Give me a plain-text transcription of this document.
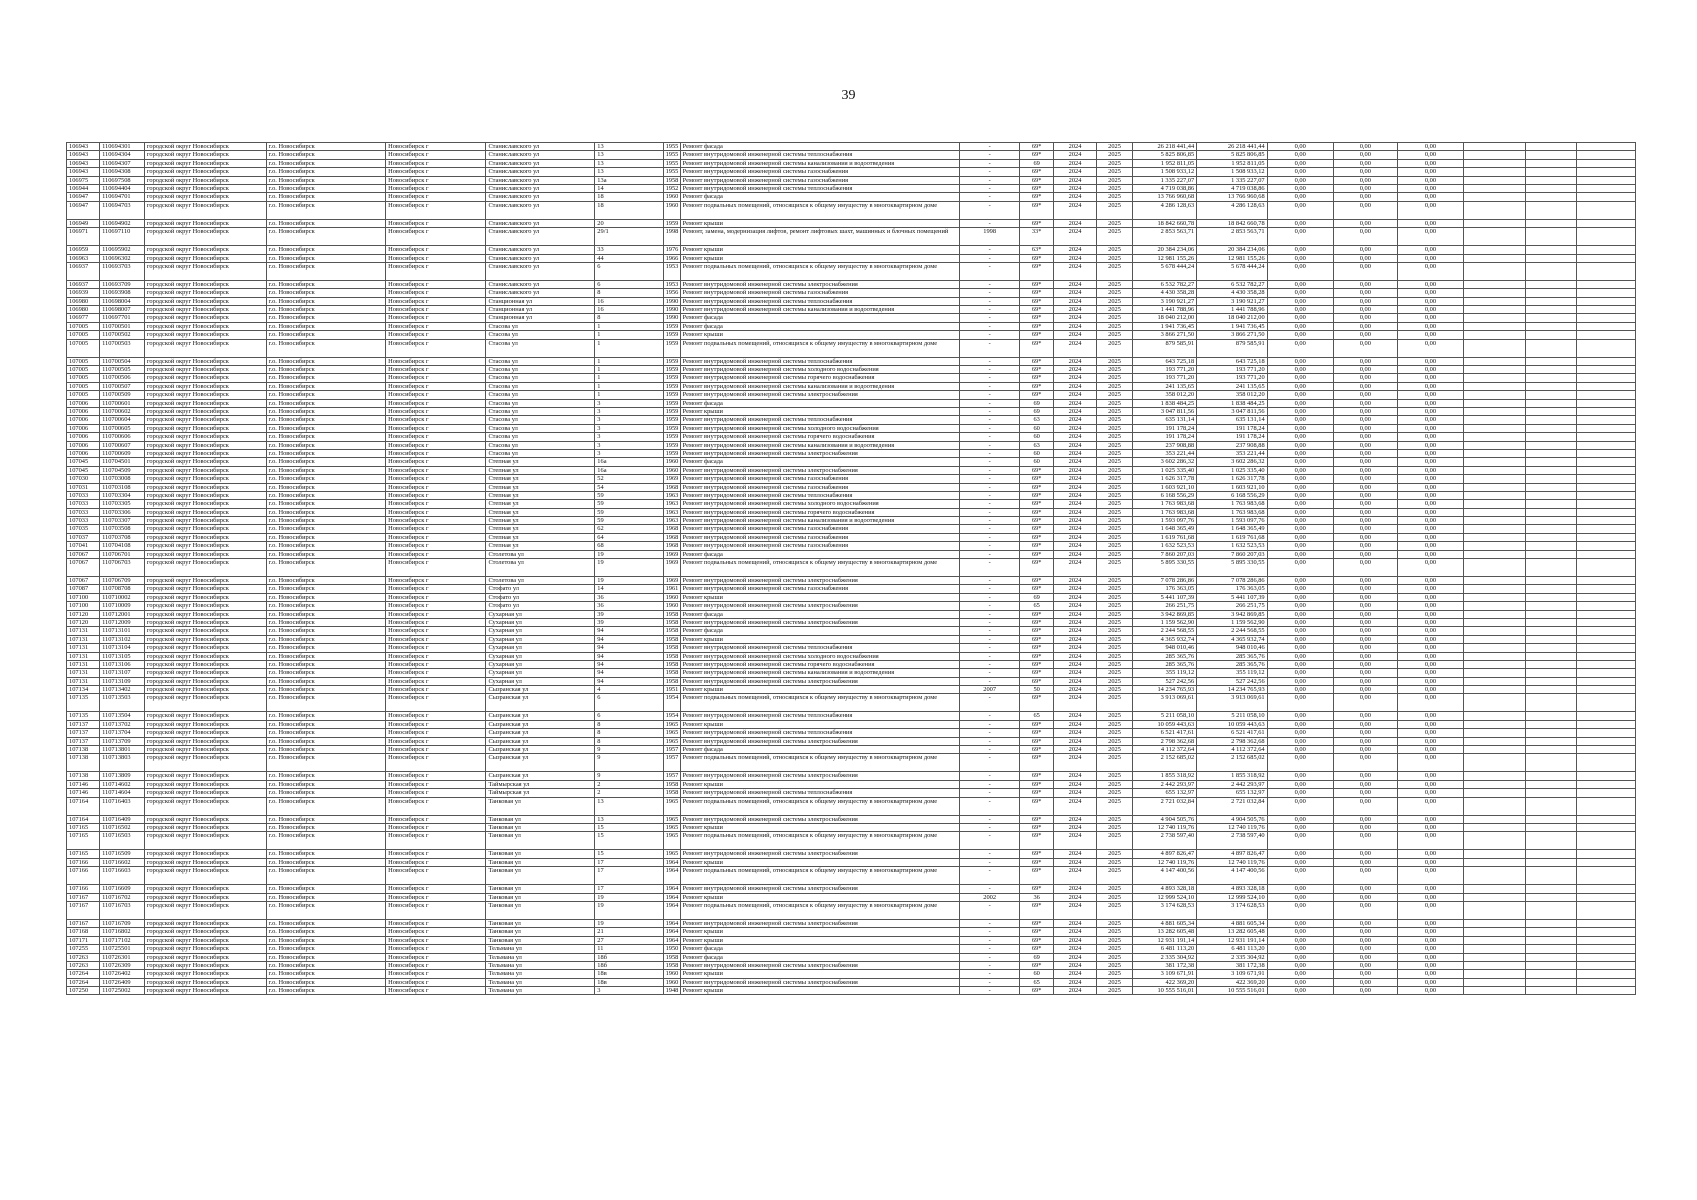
39
106943	110694301	городской округ Новосибирск	г.о. Новосибирск	Новосибирск г	Станиславского ул	13	1955	Ремонт фасада	-	69*	2024	2025	26 218 441,44	26 218 441,44	0,00	0,00	0,00			
106943	110694304	городской округ Новосибирск	г.о. Новосибирск	Новосибирск г	Станиславского ул	13	1955	Ремонт внутридомовой инженерной системы теплоснабжения	-	69*	2024	2025	5 825 806,85	5 825 806,85	0,00	0,00	0,00			
106943	110694307	городской округ Новосибирск	г.о. Новосибирск	Новосибирск г	Станиславского ул	13	1955	Ремонт внутридомовой инженерной системы канализования и водоотведения	-	69	2024	2025	1 952 811,05	1 952 811,05	0,00	0,00	0,00			
106943	110694308	городской округ Новосибирск	г.о. Новосибирск	Новосибирск г	Станиславского ул	13	1955	Ремонт внутридомовой инженерной системы газоснабжения	-	69*	2024	2025	1 508 933,12	1 508 933,12	0,00	0,00	0,00			
106975	110697508	городской округ Новосибирск	г.о. Новосибирск	Новосибирск г	Станиславского ул	13а	1958	Ремонт внутридомовой инженерной системы газоснабжения	-	69*	2024	2025	1 335 227,07	1 335 227,07	0,00	0,00	0,00			
106944	110694404	городской округ Новосибирск	г.о. Новосибирск	Новосибирск г	Станиславского ул	14	1952	Ремонт внутридомовой инженерной системы теплоснабжения	-	69*	2024	2025	4 719 038,86	4 719 038,86	0,00	0,00	0,00			
106947	110694701	городской округ Новосибирск	г.о. Новосибирск	Новосибирск г	Станиславского ул	18	1960	Ремонт фасада	-	69*	2024	2025	13 766 960,68	13 766 960,68	0,00	0,00	0,00			
106947	110694703	городской округ Новосибирск	г.о. Новосибирск	Новосибирск г	Станиславского ул	18	1960	Ремонт подвальных помещений, относящихся к общему имуществу в многоквартирном доме	-	69*	2024	2025	4 286 128,63	4 286 128,63	0,00	0,00	0,00			
106949	110694902	городской округ Новосибирск	г.о. Новосибирск	Новосибирск г	Станиславского ул	20	1959	Ремонт крыши	-	69*	2024	2025	18 842 660,78	18 842 660,78	0,00	0,00	0,00			
106971	110697110	городской округ Новосибирск	г.о. Новосибирск	Новосибирск г	Станиславского ул	29/1	1998	Ремонт, замена, модернизация лифтов, ремонт лифтовых шахт, машинных и блочных помещений	1998	33*	2024	2025	2 853 563,71	2 853 563,71	0,00	0,00	0,00			
106959	110695902	городской округ Новосибирск	г.о. Новосибирск	Новосибирск г	Станиславского ул	33	1976	Ремонт крыши	-	63*	2024	2025	20 384 234,06	20 384 234,06	0,00	0,00	0,00			
106963	110696302	городской округ Новосибирск	г.о. Новосибирск	Новосибирск г	Станиславского ул	44	1966	Ремонт крыши	-	69*	2024	2025	12 981 155,26	12 981 155,26	0,00	0,00	0,00			
106937	110693703	городской округ Новосибирск	г.о. Новосибирск	Новосибирск г	Станиславского ул	6	1953	Ремонт подвальных помещений, относящихся к общему имуществу в многоквартирном доме	-	69*	2024	2025	5 678 444,24	5 678 444,24	0,00	0,00	0,00			
106937	110693709	городской округ Новосибирск	г.о. Новосибирск	Новосибирск г	Станиславского ул	6	1953	Ремонт внутридомовой инженерной системы электроснабжения	-	69*	2024	2025	6 532 782,27	6 532 782,27	0,00	0,00	0,00			
106939	110693908	городской округ Новосибирск	г.о. Новосибирск	Новосибирск г	Станиславского ул	8	1956	Ремонт внутридомовой инженерной системы газоснабжения	-	69*	2024	2025	4 430 358,28	4 430 358,28	0,00	0,00	0,00			
106980	110698004	городской округ Новосибирск	г.о. Новосибирск	Новосибирск г	Станционная ул	16	1990	Ремонт внутридомовой инженерной системы теплоснабжения	-	69*	2024	2025	3 190 921,27	3 190 921,27	0,00	0,00	0,00			
106980	110698007	городской округ Новосибирск	г.о. Новосибирск	Новосибирск г	Станционная ул	16	1990	Ремонт внутридомовой инженерной системы канализования и водоотведения	-	69*	2024	2025	1 441 788,96	1 441 788,96	0,00	0,00	0,00			
106977	110697701	городской округ Новосибирск	г.о. Новосибирск	Новосибирск г	Станционная ул	8	1990	Ремонт фасада	-	69*	2024	2025	18 040 212,00	18 040 212,00	0,00	0,00	0,00			
107005	110700501	городской округ Новосибирск	г.о. Новосибирск	Новосибирск г	Стасова ул	1	1959	Ремонт фасада	-	69*	2024	2025	1 941 736,45	1 941 736,45	0,00	0,00	0,00			
107005	110700502	городской округ Новосибирск	г.о. Новосибирск	Новосибирск г	Стасова ул	1	1959	Ремонт крыши	-	69*	2024	2025	3 866 271,50	3 866 271,50	0,00	0,00	0,00			
107005	110700503	городской округ Новосибирск	г.о. Новосибирск	Новосибирск г	Стасова ул	1	1959	Ремонт подвальных помещений, относящихся к общему имуществу в многоквартирном доме	-	69*	2024	2025	879 585,91	879 585,91	0,00	0,00	0,00			
107005	110700504	городской округ Новосибирск	г.о. Новосибирск	Новосибирск г	Стасова ул	1	1959	Ремонт внутридомовой инженерной системы теплоснабжения	-	69*	2024	2025	643 725,18	643 725,18	0,00	0,00	0,00			
107005	110700505	городской округ Новосибирск	г.о. Новосибирск	Новосибирск г	Стасова ул	1	1959	Ремонт внутридомовой инженерной системы холодного водоснабжения	-	69*	2024	2025	193 771,20	193 771,20	0,00	0,00	0,00			
107005	110700506	городской округ Новосибирск	г.о. Новосибирск	Новосибирск г	Стасова ул	1	1959	Ремонт внутридомовой инженерной системы горячего водоснабжения	-	69*	2024	2025	193 771,20	193 771,20	0,00	0,00	0,00			
107005	110700507	городской округ Новосибирск	г.о. Новосибирск	Новосибирск г	Стасова ул	1	1959	Ремонт внутридомовой инженерной системы канализования и водоотведения	-	69*	2024	2025	241 135,65	241 135,65	0,00	0,00	0,00			
107005	110700509	городской округ Новосибирск	г.о. Новосибирск	Новосибирск г	Стасова ул	1	1959	Ремонт внутридомовой инженерной системы электроснабжения	-	69*	2024	2025	358 012,20	358 012,20	0,00	0,00	0,00			
107006	110700601	городской округ Новосибирск	г.о. Новосибирск	Новосибирск г	Стасова ул	3	1959	Ремонт фасада	-	69	2024	2025	1 838 484,25	1 838 484,25	0,00	0,00	0,00			
107006	110700602	городской округ Новосибирск	г.о. Новосибирск	Новосибирск г	Стасова ул	3	1959	Ремонт крыши	-	69	2024	2025	3 047 811,56	3 047 811,56	0,00	0,00	0,00			
107006	110700604	городской округ Новосибирск	г.о. Новосибирск	Новосибирск г	Стасова ул	3	1959	Ремонт внутридомовой инженерной системы теплоснабжения	-	63	2024	2025	635 131,14	635 131,14	0,00	0,00	0,00			
107006	110700605	городской округ Новосибирск	г.о. Новосибирск	Новосибирск г	Стасова ул	3	1959	Ремонт внутридомовой инженерной системы холодного водоснабжения	-	60	2024	2025	191 178,24	191 178,24	0,00	0,00	0,00			
107006	110700606	городской округ Новосибирск	г.о. Новосибирск	Новосибирск г	Стасова ул	3	1959	Ремонт внутридомовой инженерной системы горячего водоснабжения	-	60	2024	2025	191 178,24	191 178,24	0,00	0,00	0,00			
107006	110700607	городской округ Новосибирск	г.о. Новосибирск	Новосибирск г	Стасова ул	3	1959	Ремонт внутридомовой инженерной системы канализования и водоотведения	-	63	2024	2025	237 908,88	237 908,88	0,00	0,00	0,00			
107006	110700609	городской округ Новосибирск	г.о. Новосибирск	Новосибирск г	Стасова ул	3	1959	Ремонт внутридомовой инженерной системы электроснабжения	-	60	2024	2025	353 221,44	353 221,44	0,00	0,00	0,00			
107045	110704501	городской округ Новосибирск	г.о. Новосибирск	Новосибирск г	Степная ул	16а	1960	Ремонт фасада	-	60	2024	2025	3 602 286,32	3 602 286,32	0,00	0,00	0,00			
107045	110704509	городской округ Новосибирск	г.о. Новосибирск	Новосибирск г	Степная ул	16а	1960	Ремонт внутридомовой инженерной системы электроснабжения	-	69*	2024	2025	1 025 335,40	1 025 335,40	0,00	0,00	0,00			
107030	110703008	городской округ Новосибирск	г.о. Новосибирск	Новосибирск г	Степная ул	52	1969	Ремонт внутридомовой инженерной системы газоснабжения	-	69*	2024	2025	1 626 317,78	1 626 317,78	0,00	0,00	0,00			
107031	110703108	городской округ Новосибирск	г.о. Новосибирск	Новосибирск г	Степная ул	54	1968	Ремонт внутридомовой инженерной системы газоснабжения	-	69*	2024	2025	1 603 921,10	1 603 921,10	0,00	0,00	0,00			
107033	110703304	городской округ Новосибирск	г.о. Новосибирск	Новосибирск г	Степная ул	59	1963	Ремонт внутридомовой инженерной системы теплоснабжения	-	69*	2024	2025	6 168 556,29	6 168 556,29	0,00	0,00	0,00			
107033	110703305	городской округ Новосибирск	г.о. Новосибирск	Новосибирск г	Степная ул	59	1963	Ремонт внутридомовой инженерной системы холодного водоснабжения	-	69*	2024	2025	1 763 983,68	1 763 983,68	0,00	0,00	0,00			
107033	110703306	городской округ Новосибирск	г.о. Новосибирск	Новосибирск г	Степная ул	59	1963	Ремонт внутридомовой инженерной системы горячего водоснабжения	-	69*	2024	2025	1 763 983,68	1 763 983,68	0,00	0,00	0,00			
107033	110703307	городской округ Новосибирск	г.о. Новосибирск	Новосибирск г	Степная ул	59	1963	Ремонт внутридомовой инженерной системы канализования и водоотведения	-	69*	2024	2025	1 593 097,76	1 593 097,76	0,00	0,00	0,00			
107035	110703508	городской округ Новосибирск	г.о. Новосибирск	Новосибирск г	Степная ул	62	1968	Ремонт внутридомовой инженерной системы газоснабжения	-	69*	2024	2025	1 648 365,49	1 648 365,49	0,00	0,00	0,00			
107037	110703708	городской округ Новосибирск	г.о. Новосибирск	Новосибирск г	Степная ул	64	1968	Ремонт внутридомовой инженерной системы газоснабжения	-	69*	2024	2025	1 619 761,68	1 619 761,68	0,00	0,00	0,00			
107041	110704108	городской округ Новосибирск	г.о. Новосибирск	Новосибирск г	Степная ул	68	1968	Ремонт внутридомовой инженерной системы газоснабжения	-	69*	2024	2025	1 632 523,53	1 632 523,53	0,00	0,00	0,00			
107067	110706701	городской округ Новосибирск	г.о. Новосибирск	Новосибирск г	Столетова ул	19	1969	Ремонт фасада	-	69*	2024	2025	7 860 207,03	7 860 207,03	0,00	0,00	0,00			
107067	110706703	городской округ Новосибирск	г.о. Новосибирск	Новосибирск г	Столетова ул	19	1969	Ремонт подвальных помещений, относящихся к общему имуществу в многоквартирном доме	-	69*	2024	2025	5 895 330,55	5 895 330,55	0,00	0,00	0,00			
107067	110706709	городской округ Новосибирск	г.о. Новосибирск	Новосибирск г	Столетова ул	19	1969	Ремонт внутридомовой инженерной системы электроснабжения	-	69*	2024	2025	7 078 286,86	7 078 286,86	0,00	0,00	0,00			
107087	110708708	городской округ Новосибирск	г.о. Новосибирск	Новосибирск г	Стофато ул	14	1961	Ремонт внутридомовой инженерной системы газоснабжения	-	69*	2024	2025	176 363,05	176 363,05	0,00	0,00	0,00			
107100	110710002	городской округ Новосибирск	г.о. Новосибирск	Новосибирск г	Стофато ул	36	1960	Ремонт крыши	-	69	2024	2025	5 441 107,39	5 441 107,39	0,00	0,00	0,00			
107100	110710009	городской округ Новосибирск	г.о. Новосибирск	Новосибирск г	Стофато ул	36	1960	Ремонт внутридомовой инженерной системы электроснабжения	-	65	2024	2025	266 251,75	266 251,75	0,00	0,00	0,00			
107120	110712001	городской округ Новосибирск	г.о. Новосибирск	Новосибирск г	Сухарная ул	39	1958	Ремонт фасада	-	69*	2024	2025	3 942 869,85	3 942 869,85	0,00	0,00	0,00			
107120	110712009	городской округ Новосибирск	г.о. Новосибирск	Новосибирск г	Сухарная ул	39	1958	Ремонт внутридомовой инженерной системы электроснабжения	-	69*	2024	2025	1 159 562,90	1 159 562,90	0,00	0,00	0,00			
107131	110713101	городской округ Новосибирск	г.о. Новосибирск	Новосибирск г	Сухарная ул	94	1958	Ремонт фасада	-	69*	2024	2025	2 244 568,55	2 244 568,55	0,00	0,00	0,00			
107131	110713102	городской округ Новосибирск	г.о. Новосибирск	Новосибирск г	Сухарная ул	94	1958	Ремонт крыши	-	69*	2024	2025	4 365 932,74	4 365 932,74	0,00	0,00	0,00			
107131	110713104	городской округ Новосибирск	г.о. Новосибирск	Новосибирск г	Сухарная ул	94	1958	Ремонт внутридомовой инженерной системы теплоснабжения	-	69*	2024	2025	948 010,46	948 010,46	0,00	0,00	0,00			
107131	110713105	городской округ Новосибирск	г.о. Новосибирск	Новосибирск г	Сухарная ул	94	1958	Ремонт внутридомовой инженерной системы холодного водоснабжения	-	69*	2024	2025	285 365,76	285 365,76	0,00	0,00	0,00			
107131	110713106	городской округ Новосибирск	г.о. Новосибирск	Новосибирск г	Сухарная ул	94	1958	Ремонт внутридомовой инженерной системы горячего водоснабжения	-	69*	2024	2025	285 365,76	285 365,76	0,00	0,00	0,00			
107131	110713107	городской округ Новосибирск	г.о. Новосибирск	Новосибирск г	Сухарная ул	94	1958	Ремонт внутридомовой инженерной системы канализования и водоотведения	-	69*	2024	2025	355 119,12	355 119,12	0,00	0,00	0,00			
107131	110713109	городской округ Новосибирск	г.о. Новосибирск	Новосибирск г	Сухарная ул	94	1958	Ремонт внутридомовой инженерной системы электроснабжения	-	69*	2024	2025	527 242,56	527 242,56	0,00	0,00	0,00			
107134	110713402	городской округ Новосибирск	г.о. Новосибирск	Новосибирск г	Сызранская ул	4	1951	Ремонт крыши	2007	50	2024	2025	14 234 765,93	14 234 765,93	0,00	0,00	0,00			
107135	110713503	городской округ Новосибирск	г.о. Новосибирск	Новосибирск г	Сызранская ул	6	1954	Ремонт подвальных помещений, относящихся к общему имуществу в многоквартирном доме	-	69*	2024	2025	3 913 069,61	3 913 069,61	0,00	0,00	0,00			
107135	110713504	городской округ Новосибирск	г.о. Новосибирск	Новосибирск г	Сызранская ул	6	1954	Ремонт внутридомовой инженерной системы теплоснабжения	-	65	2024	2025	5 211 058,10	5 211 058,10	0,00	0,00	0,00			
107137	110713702	городской округ Новосибирск	г.о. Новосибирск	Новосибирск г	Сызранская ул	8	1965	Ремонт крыши	-	69*	2024	2025	10 059 443,63	10 059 443,63	0,00	0,00	0,00			
107137	110713704	городской округ Новосибирск	г.о. Новосибирск	Новосибирск г	Сызранская ул	8	1965	Ремонт внутридомовой инженерной системы теплоснабжения	-	69*	2024	2025	6 521 417,61	6 521 417,61	0,00	0,00	0,00			
107137	110713709	городской округ Новосибирск	г.о. Новосибирск	Новосибирск г	Сызранская ул	8	1965	Ремонт внутридомовой инженерной системы электроснабжения	-	69*	2024	2025	2 798 362,68	2 798 362,68	0,00	0,00	0,00			
107138	110713801	городской округ Новосибирск	г.о. Новосибирск	Новосибирск г	Сызранская ул	9	1957	Ремонт фасада	-	69*	2024	2025	4 112 372,64	4 112 372,64	0,00	0,00	0,00			
107138	110713803	городской округ Новосибирск	г.о. Новосибирск	Новосибирск г	Сызранская ул	9	1957	Ремонт подвальных помещений, относящихся к общему имуществу в многоквартирном доме	-	69*	2024	2025	2 152 685,02	2 152 685,02	0,00	0,00	0,00			
107138	110713809	городской округ Новосибирск	г.о. Новосибирск	Новосибирск г	Сызранская ул	9	1957	Ремонт внутридомовой инженерной системы электроснабжения	-	69*	2024	2025	1 855 318,92	1 855 318,92	0,00	0,00	0,00			
107146	110714602	городской округ Новосибирск	г.о. Новосибирск	Новосибирск г	Таймырская ул	2	1958	Ремонт крыши	-	69*	2024	2025	2 442 293,97	2 442 293,97	0,00	0,00	0,00			
107146	110714604	городской округ Новосибирск	г.о. Новосибирск	Новосибирск г	Таймырская ул	2	1958	Ремонт внутридомовой инженерной системы теплоснабжения	-	69*	2024	2025	655 132,97	655 132,97	0,00	0,00	0,00			
107164	110716403	городской округ Новосибирск	г.о. Новосибирск	Новосибирск г	Танковая ул	13	1965	Ремонт подвальных помещений, относящихся к общему имуществу в многоквартирном доме	-	69*	2024	2025	2 721 032,84	2 721 032,84	0,00	0,00	0,00			
107164	110716409	городской округ Новосибирск	г.о. Новосибирск	Новосибирск г	Танковая ул	13	1965	Ремонт внутридомовой инженерной системы электроснабжения	-	69*	2024	2025	4 904 505,76	4 904 505,76	0,00	0,00	0,00			
107165	110716502	городской округ Новосибирск	г.о. Новосибирск	Новосибирск г	Танковая ул	15	1965	Ремонт крыши	-	69*	2024	2025	12 740 119,76	12 740 119,76	0,00	0,00	0,00			
107165	110716503	городской округ Новосибирск	г.о. Новосибирск	Новосибирск г	Танковая ул	15	1965	Ремонт подвальных помещений, относящихся к общему имуществу в многоквартирном доме	-	69*	2024	2025	2 738 597,40	2 738 597,40	0,00	0,00	0,00			
107165	110716509	городской округ Новосибирск	г.о. Новосибирск	Новосибирск г	Танковая ул	15	1965	Ремонт внутридомовой инженерной системы электроснабжения	-	69*	2024	2025	4 897 826,47	4 897 826,47	0,00	0,00	0,00			
107166	110716602	городской округ Новосибирск	г.о. Новосибирск	Новосибирск г	Танковая ул	17	1964	Ремонт крыши	-	69*	2024	2025	12 740 119,76	12 740 119,76	0,00	0,00	0,00			
107166	110716603	городской округ Новосибирск	г.о. Новосибирск	Новосибирск г	Танковая ул	17	1964	Ремонт подвальных помещений, относящихся к общему имуществу в многоквартирном доме	-	69*	2024	2025	4 147 400,56	4 147 400,56	0,00	0,00	0,00			
107166	110716609	городской округ Новосибирск	г.о. Новосибирск	Новосибирск г	Танковая ул	17	1964	Ремонт внутридомовой инженерной системы электроснабжения	-	69*	2024	2025	4 893 328,18	4 893 328,18	0,00	0,00	0,00			
107167	110716702	городской округ Новосибирск	г.о. Новосибирск	Новосибирск г	Танковая ул	19	1964	Ремонт крыши	2002	36	2024	2025	12 999 524,10	12 999 524,10	0,00	0,00	0,00			
107167	110716703	городской округ Новосибирск	г.о. Новосибирск	Новосибирск г	Танковая ул	19	1964	Ремонт подвальных помещений, относящихся к общему имуществу в многоквартирном доме	-	69*	2024	2025	3 174 628,53	3 174 628,53	0,00	0,00	0,00			
107167	110716709	городской округ Новосибирск	г.о. Новосибирск	Новосибирск г	Танковая ул	19	1964	Ремонт внутридомовой инженерной системы электроснабжения	-	69*	2024	2025	4 881 605,34	4 881 605,34	0,00	0,00	0,00			
107168	110716802	городской округ Новосибирск	г.о. Новосибирск	Новосибирск г	Танковая ул	21	1964	Ремонт крыши	-	69*	2024	2025	13 282 605,48	13 282 605,48	0,00	0,00	0,00			
107171	110717102	городской округ Новосибирск	г.о. Новосибирск	Новосибирск г	Танковая ул	27	1964	Ремонт крыши	-	69*	2024	2025	12 931 191,14	12 931 191,14	0,00	0,00	0,00			
107255	110725501	городской округ Новосибирск	г.о. Новосибирск	Новосибирск г	Тельмана ул	11	1950	Ремонт фасада	-	69*	2024	2025	6 481 113,20	6 481 113,20	0,00	0,00	0,00			
107263	110726301	городской округ Новосибирск	г.о. Новосибирск	Новосибирск г	Тельмана ул	18б	1958	Ремонт фасада	-	69	2024	2025	2 335 304,92	2 335 304,92	0,00	0,00	0,00			
107263	110726309	городской округ Новосибирск	г.о. Новосибирск	Новосибирск г	Тельмана ул	18б	1958	Ремонт внутридомовой инженерной системы электроснабжения	-	69*	2024	2025	381 172,38	381 172,38	0,00	0,00	0,00			
107264	110726402	городской округ Новосибирск	г.о. Новосибирск	Новосибирск г	Тельмана ул	18в	1960	Ремонт крыши	-	60	2024	2025	3 109 671,91	3 109 671,91	0,00	0,00	0,00			
107264	110726409	городской округ Новосибирск	г.о. Новосибирск	Новосибирск г	Тельмана ул	18в	1960	Ремонт внутридомовой инженерной системы электроснабжения	-	65	2024	2025	422 369,20	422 369,20	0,00	0,00	0,00			
107250	110725002	городской округ Новосибирск	г.о. Новосибирск	Новосибирск г	Тельмана ул	3	1948	Ремонт крыши	-	69*	2024	2025	10 555 516,01	10 555 516,01	0,00	0,00	0,00			
